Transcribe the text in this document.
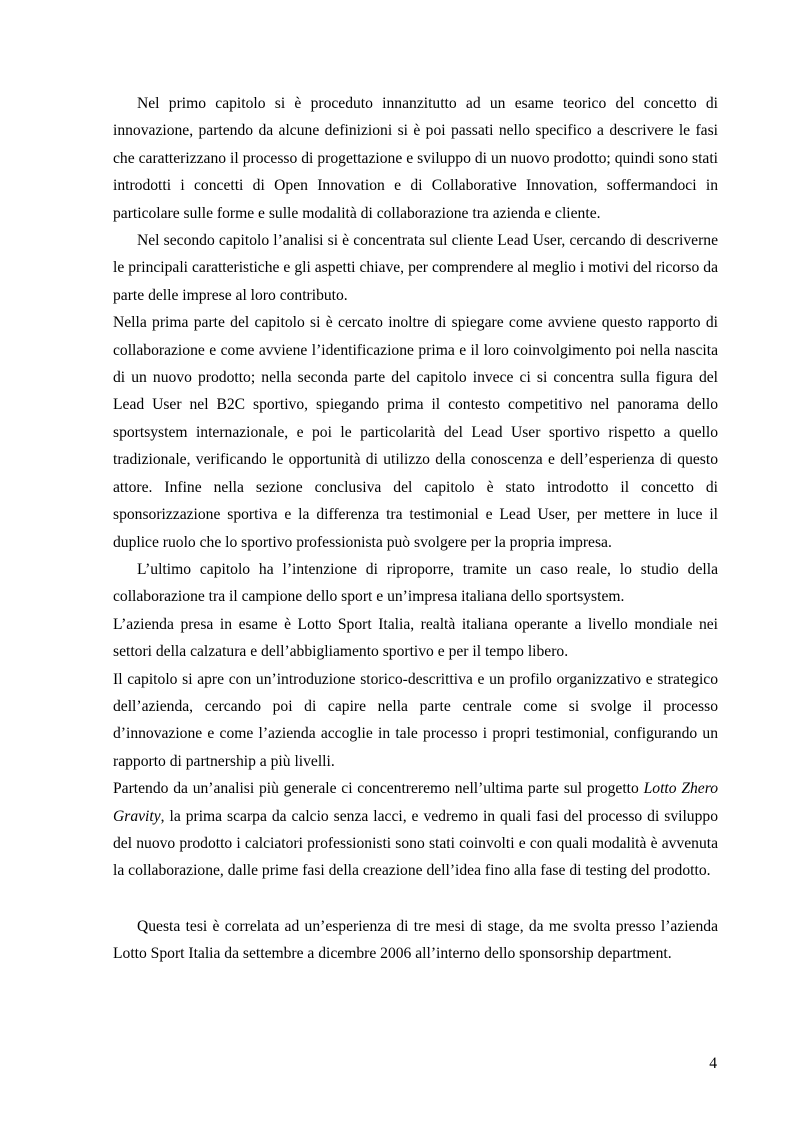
Nel primo capitolo si è proceduto innanzitutto ad un esame teorico del concetto di innovazione, partendo da alcune definizioni si è poi passati nello specifico a descrivere le fasi che caratterizzano il processo di progettazione e sviluppo di un nuovo prodotto; quindi sono stati introdotti i concetti di Open Innovation e di Collaborative Innovation, soffermandoci in particolare sulle forme e sulle modalità di collaborazione tra azienda e cliente.

Nel secondo capitolo l’analisi si è concentrata sul cliente Lead User, cercando di descriverne le principali caratteristiche e gli aspetti chiave, per comprendere al meglio i motivi del ricorso da parte delle imprese al loro contributo.

Nella prima parte del capitolo si è cercato inoltre di spiegare come avviene questo rapporto di collaborazione e come avviene l’identificazione prima e il loro coinvolgimento poi nella nascita di un nuovo prodotto; nella seconda parte del capitolo invece ci si concentra sulla figura del Lead User nel B2C sportivo, spiegando prima il contesto competitivo nel panorama dello sportsystem internazionale, e poi le particolarità del Lead User sportivo rispetto a quello tradizionale, verificando le opportunità di utilizzo della conoscenza e dell’esperienza di questo attore. Infine nella sezione conclusiva del capitolo è stato introdotto il concetto di sponsorizzazione sportiva e la differenza tra testimonial e Lead User, per mettere in luce il duplice ruolo che lo sportivo professionista può svolgere per la propria impresa.

L’ultimo capitolo ha l’intenzione di riproporre, tramite un caso reale, lo studio della collaborazione tra il campione dello sport e un’impresa italiana dello sportsystem.

L’azienda presa in esame è Lotto Sport Italia, realtà italiana operante a livello mondiale nei settori della calzatura e dell’abbigliamento sportivo e per il tempo libero.

Il capitolo si apre con un’introduzione storico-descrittiva e un profilo organizzativo e strategico dell’azienda, cercando poi di capire nella parte centrale come si svolge il processo d’innovazione e come l’azienda accoglie in tale processo i propri testimonial, configurando un rapporto di partnership a più livelli.

Partendo da un’analisi più generale ci concentreremo nell’ultima parte sul progetto Lotto Zhero Gravity, la prima scarpa da calcio senza lacci, e vedremo in quali fasi del processo di sviluppo del nuovo prodotto i calciatori professionisti sono stati coinvolti e con quali modalità è avvenuta la collaborazione, dalle prime fasi della creazione dell’idea fino alla fase di testing del prodotto.

Questa tesi è correlata ad un’esperienza di tre mesi di stage, da me svolta presso l’azienda Lotto Sport Italia da settembre a dicembre 2006 all’interno dello sponsorship department.

4
